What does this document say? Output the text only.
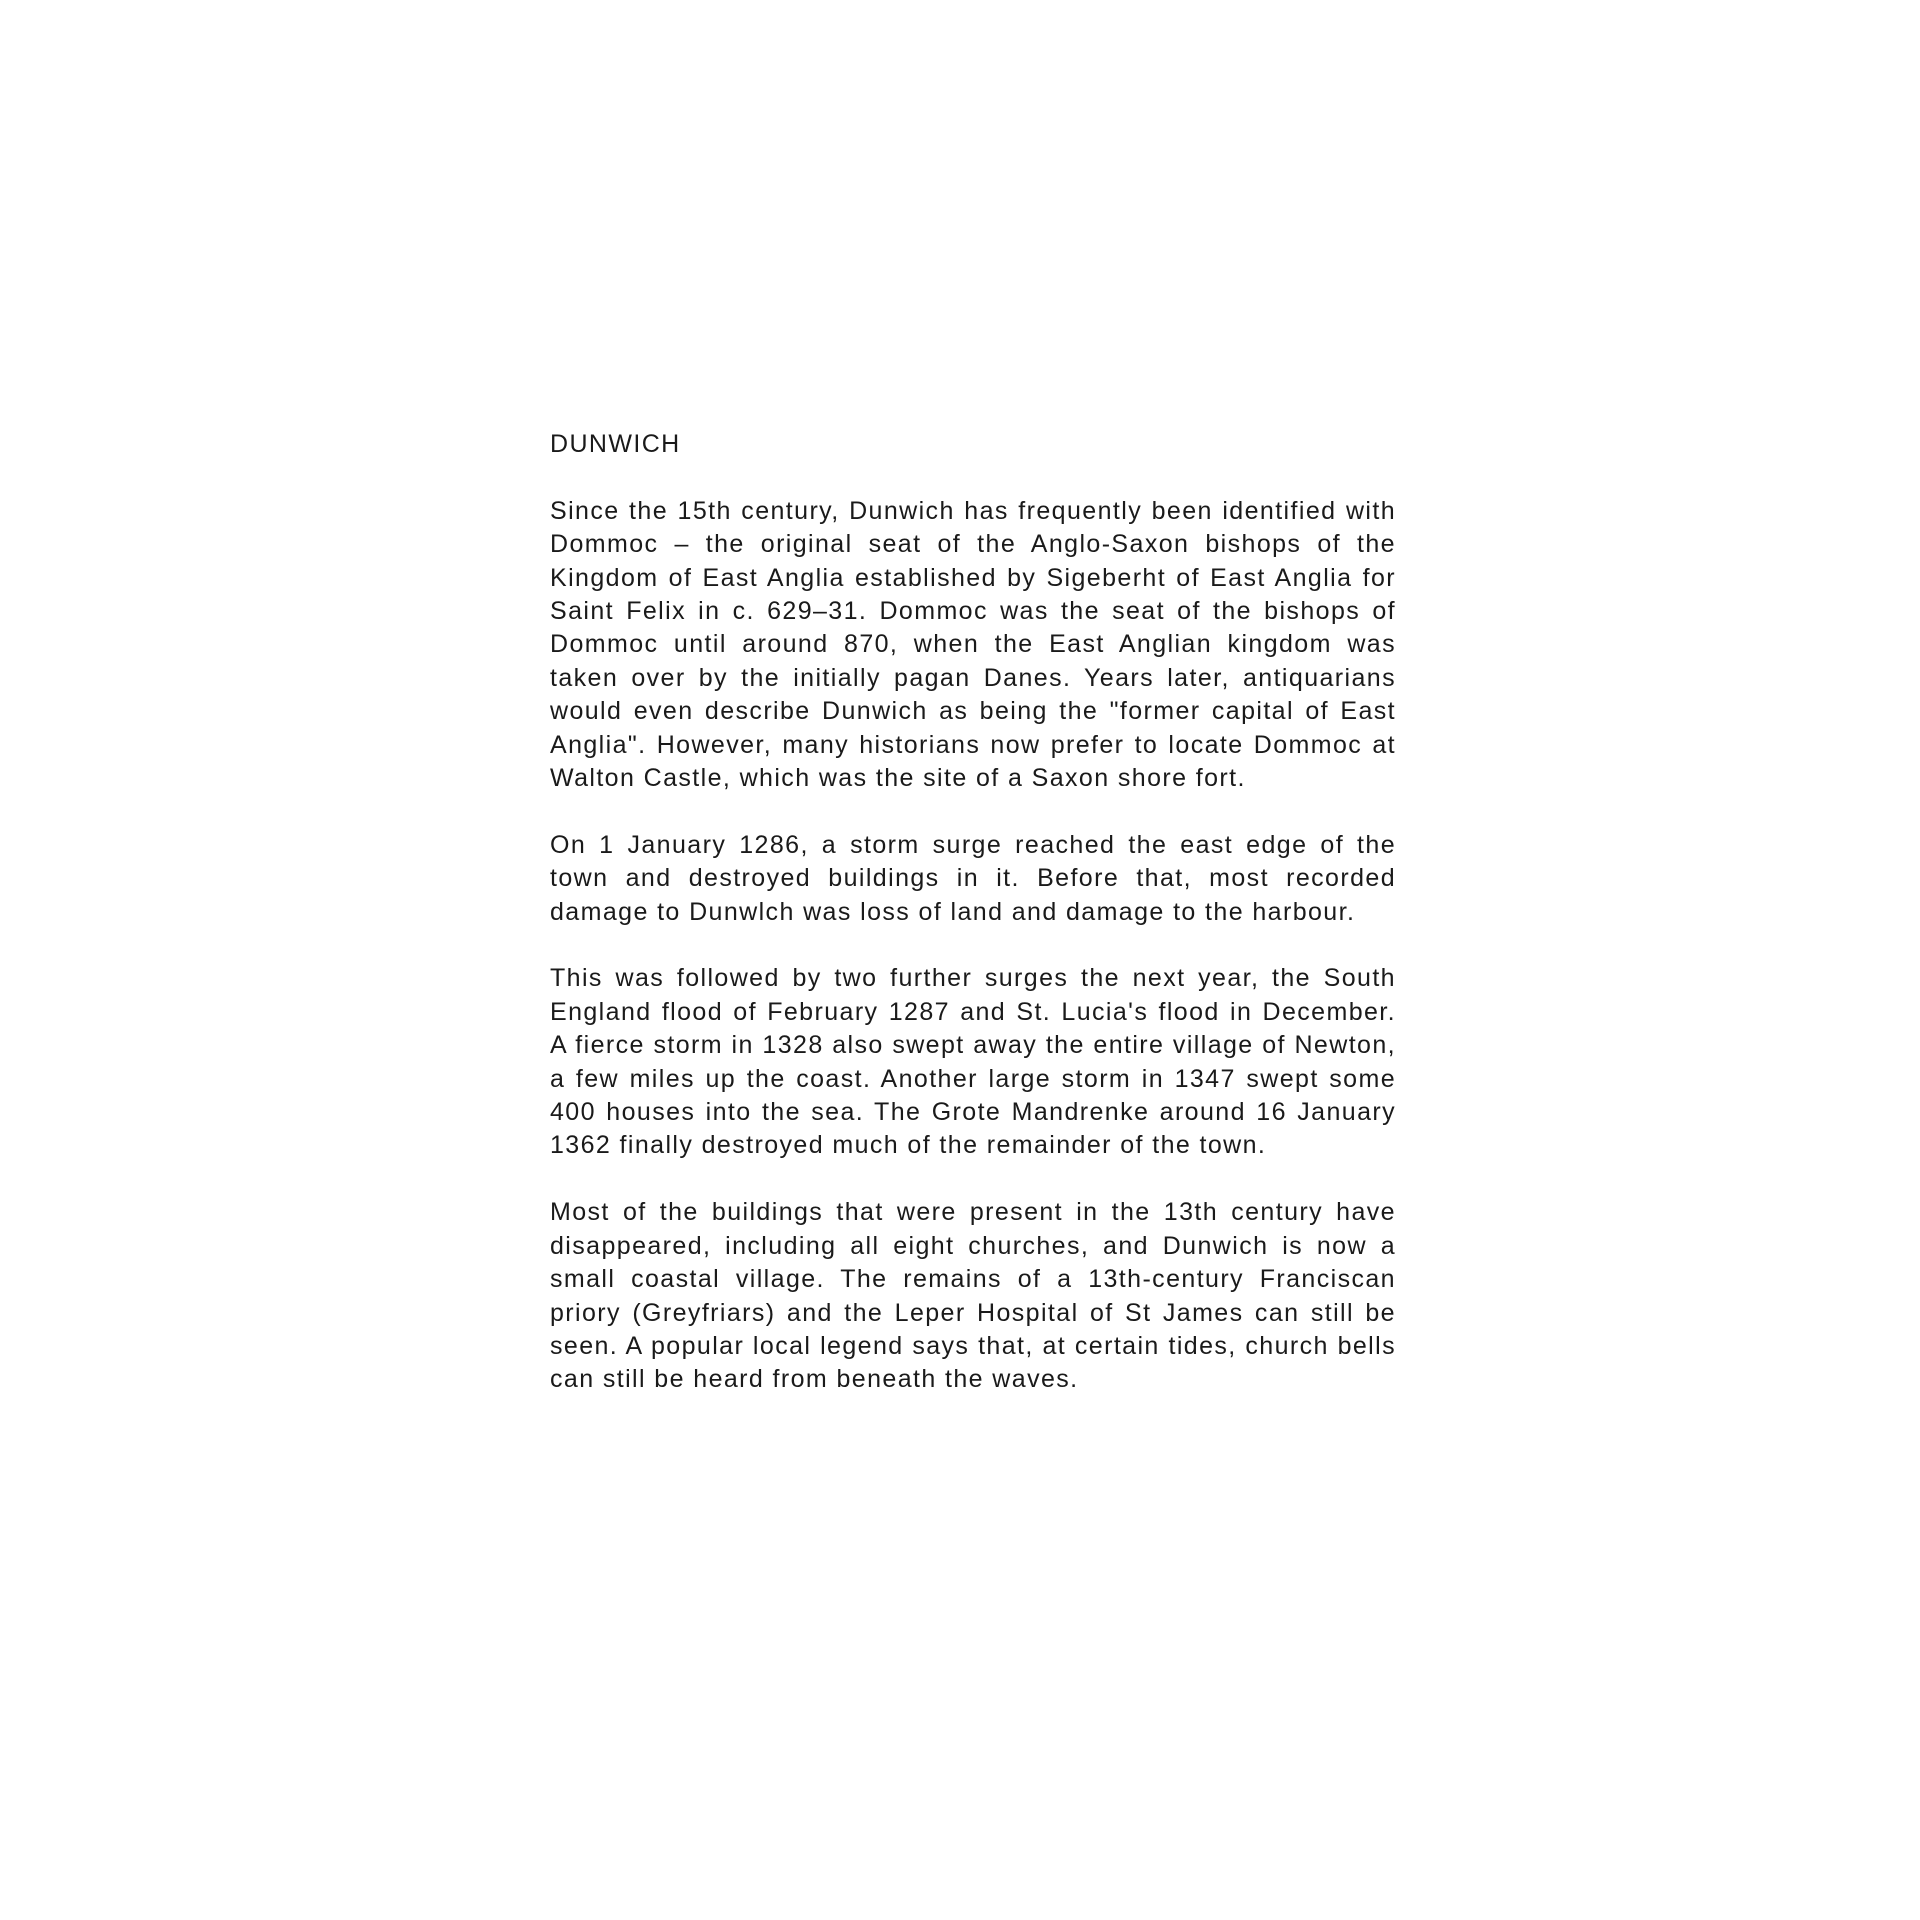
DUNWICH

Since the 15th century, Dunwich has frequently been identified with Dommoc – the original seat of the Anglo-Saxon bishops of the Kingdom of East Anglia established by Sigeberht of East Anglia for Saint Felix in c. 629–31. Dommoc was the seat of the bishops of Dommoc until around 870, when the East Anglian kingdom was taken over by the initially pagan Danes. Years later, antiquarians would even describe Dunwich as being the "former capital of East Anglia". However, many historians now prefer to locate Dommoc at Walton Castle, which was the site of a Saxon shore fort.

On 1 January 1286, a storm surge reached the east edge of the town and destroyed buildings in it. Before that, most recorded damage to Dunwlch was loss of land and damage to the harbour.

This was followed by two further surges the next year, the South England flood of February 1287 and St. Lucia's flood in December. A fierce storm in 1328 also swept away the entire village of Newton, a few miles up the coast. Another large storm in 1347 swept some 400 houses into the sea. The Grote Mandrenke around 16 January 1362 finally destroyed much of the remainder of the town.

Most of the buildings that were present in the 13th century have disappeared, including all eight churches, and Dunwich is now a small coastal village. The remains of a 13th-century Franciscan priory (Greyfriars) and the Leper Hospital of St James can still be seen. A popular local legend says that, at certain tides, church bells can still be heard from beneath the waves.
